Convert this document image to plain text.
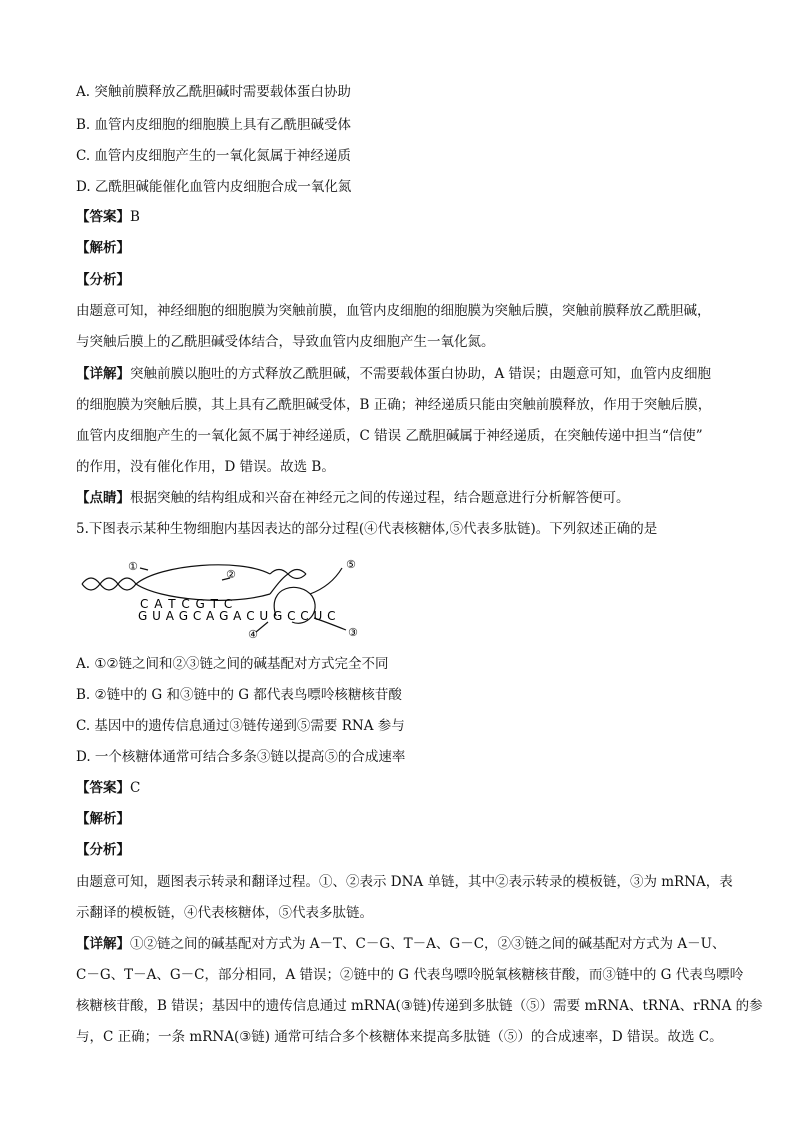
A. 突触前膜释放乙酰胆碱时需要载体蛋白协助
B. 血管内皮细胞的细胞膜上具有乙酰胆碱受体
C. 血管内皮细胞产生的一氧化氮属于神经递质
D. 乙酰胆碱能催化血管内皮细胞合成一氧化氮
【答案】B
【解析】
【分析】
由题意可知，神经细胞的细胞膜为突触前膜，血管内皮细胞的细胞膜为突触后膜，突触前膜释放乙酰胆碱，
与突触后膜上的乙酰胆碱受体结合，导致血管内皮细胞产生一氧化氮。
【详解】突触前膜以胞吐的方式释放乙酰胆碱，不需要载体蛋白协助，A 错误；由题意可知，血管内皮细胞
的细胞膜为突触后膜，其上具有乙酰胆碱受体，B 正确；神经递质只能由突触前膜释放，作用于突触后膜，
血管内皮细胞产生的一氧化氮不属于神经递质，C 错误 乙酰胆碱属于神经递质，在突触传递中担当“信使”
的作用，没有催化作用，D 错误。故选 B。
【点睛】根据突触的结构组成和兴奋在神经元之间的传递过程，结合题意进行分析解答便可。
5.下图表示某种生物细胞内基因表达的部分过程(④代表核糖体,⑤代表多肽链)。下列叙述正确的是
①
②
③
④
⑤
C A T C G T C
G U A G C A G A C U G C C U C
A. ①②链之间和②③链之间的碱基配对方式完全不同
B. ②链中的 G 和③链中的 G 都代表鸟嘌呤核糖核苷酸
C. 基因中的遗传信息通过③链传递到⑤需要 RNA 参与
D. 一个核糖体通常可结合多条③链以提高⑤的合成速率
【答案】C
【解析】
【分析】
由题意可知，题图表示转录和翻译过程。①、②表示 DNA 单链，其中②表示转录的模板链，③为 mRNA，表
示翻译的模板链，④代表核糖体，⑤代表多肽链。
【详解】①②链之间的碱基配对方式为 A－T、C－G、T－A、G－C，②③链之间的碱基配对方式为 A－U、
C－G、T－A、G－C，部分相同，A 错误；②链中的 G 代表鸟嘌呤脱氧核糖核苷酸，而③链中的 G 代表鸟嘌呤
核糖核苷酸，B 错误；基因中的遗传信息通过 mRNA(③链)传递到多肽链（⑤）需要 mRNA、tRNA、rRNA 的参
与，C 正确；一条 mRNA(③链) 通常可结合多个核糖体来提高多肽链（⑤）的合成速率，D 错误。故选 C。
